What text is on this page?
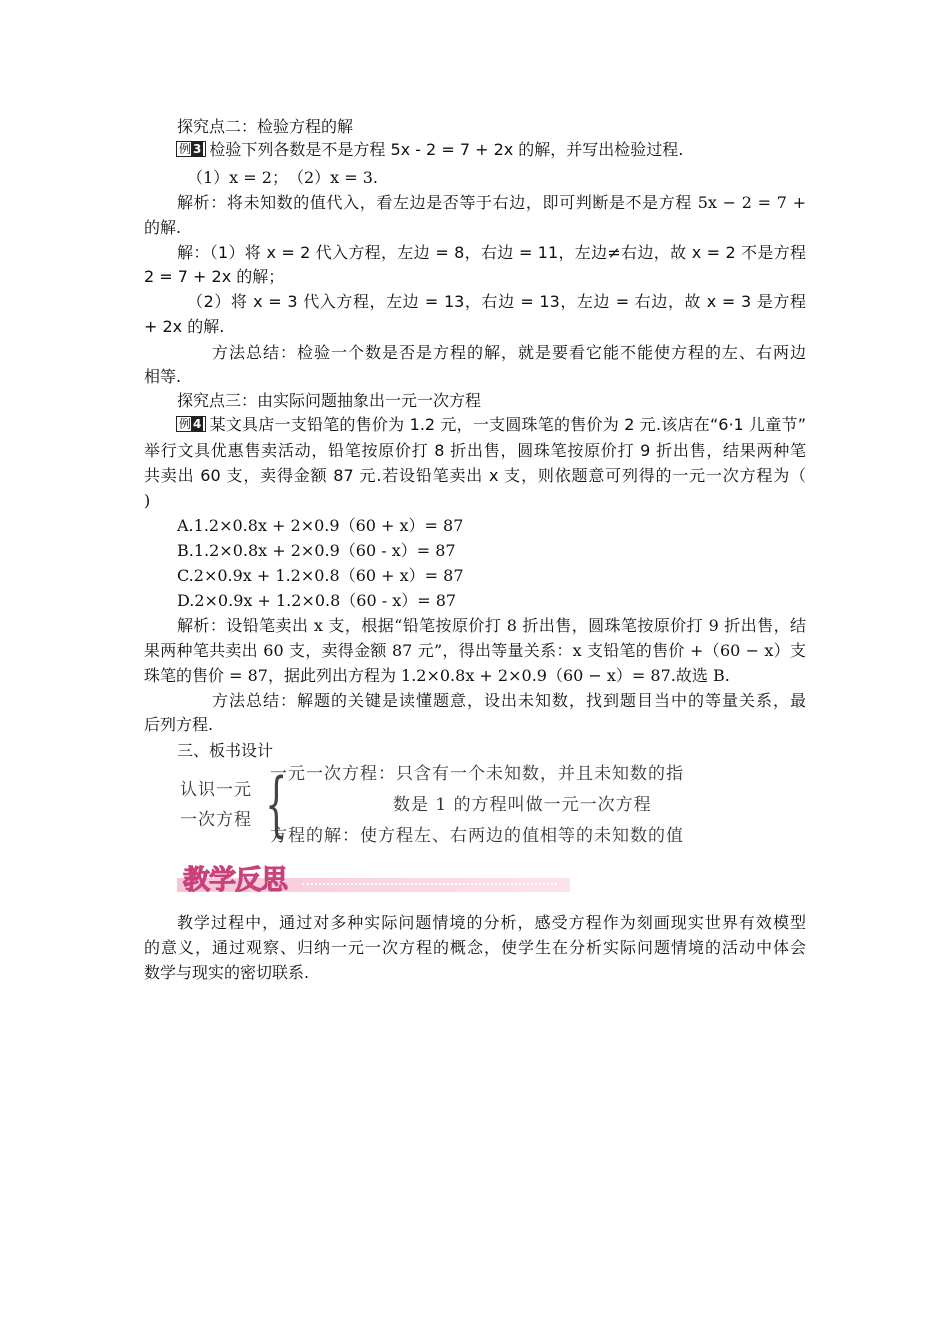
探究点二：检验方程的解
例 3 检验下列各数是不是方程 5x - 2 = 7 + 2x 的解，并写出检验过程.
（1）x = 2；　（2）x = 3.
解析：将未知数的值代入，看左边是否等于右边，即可判断是不是方程 5x − 2 = 7 +
的解.
解：（1）将 x = 2 代入方程，左边 = 8，右边 = 11，左边≠右边，故 x = 2 不是方程
2 = 7 + 2x 的解；
（2）将 x = 3 代入方程，左边 = 13，右边 = 13，左边 = 右边，故 x = 3 是方程
+ 2x 的解.
方法总结：检验一个数是否是方程的解，就是要看它能不能使方程的左、右两边
相等.
探究点三：由实际问题抽象出一元一次方程
例 4 某文具店一支铅笔的售价为 1.2 元，一支圆珠笔的售价为 2 元.该店在“6·1 儿童节”
举行文具优惠售卖活动，铅笔按原价打 8 折出售，圆珠笔按原价打 9 折出售，结果两种笔
共卖出 60 支，卖得金额 87 元.若设铅笔卖出 x 支，则依题意可列得的一元一次方程为（
)
A.1.2×0.8x + 2×0.9（60 + x）= 87
B.1.2×0.8x + 2×0.9（60 - x）= 87
C.2×0.9x + 1.2×0.8（60 + x）= 87
D.2×0.9x + 1.2×0.8（60 - x）= 87
解析：设铅笔卖出 x 支，根据“铅笔按原价打 8 折出售，圆珠笔按原价打 9 折出售，结
果两种笔共卖出 60 支，卖得金额 87 元”，得出等量关系：x 支铅笔的售价 +（60 − x）支
珠笔的售价 = 87，据此列出方程为 1.2×0.8x + 2×0.9（60 − x）= 87.故选 B.
方法总结：解题的关键是读懂题意，设出未知数，找到题目当中的等量关系，最
后列方程.
三、板书设计
认识一元
一次方程 {
一元一次方程：只含有一个未知数，并且未知数的指
数是 1 的方程叫做一元一次方程
方程的解：使方程左、右两边的值相等的未知数的值
教学反思
教学过程中，通过对多种实际问题情境的分析，感受方程作为刻画现实世界有效模型
的意义，通过观察、归纳一元一次方程的概念，使学生在分析实际问题情境的活动中体会
数学与现实的密切联系.
